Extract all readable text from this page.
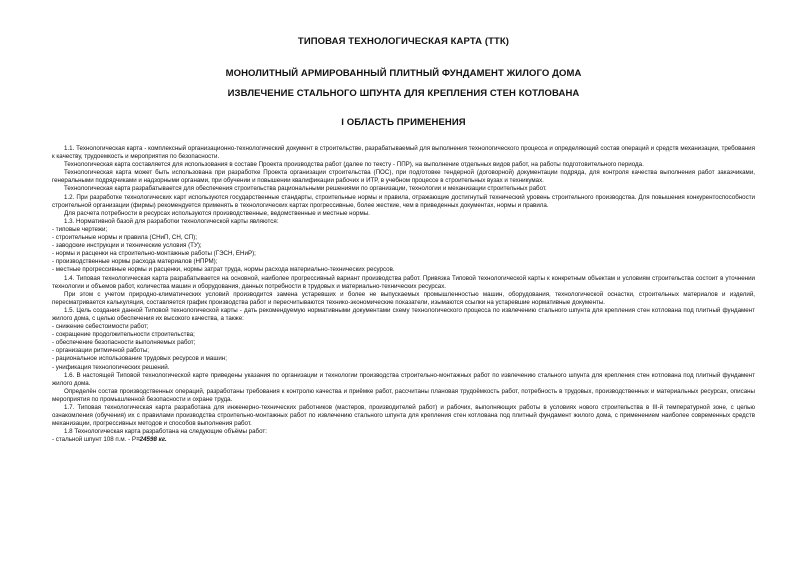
ТИПОВАЯ ТЕХНОЛОГИЧЕСКАЯ КАРТА (ТТК)
МОНОЛИТНЫЙ АРМИРОВАННЫЙ ПЛИТНЫЙ ФУНДАМЕНТ ЖИЛОГО ДОМА
ИЗВЛЕЧЕНИЕ СТАЛЬНОГО ШПУНТА ДЛЯ КРЕПЛЕНИЯ СТЕН КОТЛОВАНА
I ОБЛАСТЬ ПРИМЕНЕНИЯ

1.1. Технологическая карта - комплексный организационно-технологический документ в строительстве, разрабатываемый для выполнения технологического процесса и определяющий состав операций и средств механизации, требования к качеству, трудоемкость и мероприятия по безопасности.

Технологическая карта составляется для использования в составе Проекта производства работ (далее по тексту - ППР), на выполнение отдельных видов работ, на работы подготовительного периода.

Технологическая карта может быть использована при разработке Проекта организации строительства (ПОС), при подготовке тендерной (договорной) документации подряда, для контроля качества выполнения работ заказчиками, генеральными подрядчиками и надзорными органами, при обучении и повышении квалификации рабочих и ИТР, в учебном процессе в строительных вузах и техникумах.

Технологическая карта разрабатывается для обеспечения строительства рациональными решениями по организации, технологии и механизации строительных работ.

1.2. При разработке технологических карт используются государственные стандарты, строительные нормы и правила, отражающие достигнутый технический уровень строительного производства. Для повышения конкурентоспособности строительной организации (фирмы) рекомендуется применять в технологических картах прогрессивные, более жесткие, чем в приведенных документах, нормы и правила.

Для расчета потребности в ресурсах используются производственные, ведомственные и местные нормы.

1.3. Нормативной базой для разработки технологической карты являются:

- типовые чертежи;

- строительные нормы и правила (СНиП, СН, СП);

- заводские инструкции и технические условия (ТУ);

- нормы и расценки на строительно-монтажные работы (ГЭСН, ЕНиР);

- производственные нормы расхода материалов (НПРМ);

- местные прогрессивные нормы и расценки, нормы затрат труда, нормы расхода материально-технических ресурсов.

1.4. Типовая технологическая карта разрабатывается на основной, наиболее прогрессивный вариант производства работ. Привязка Типовой технологической карты к конкретным объектам и условиям строительства состоит в уточнении технологии и объемов работ, количества машин и оборудования, данных потребности в трудовых и материально-технических ресурсах.

При этом с учетом природно-климатических условий производится замена устаревших и более не выпускаемых промышленностью машин, оборудования, технологической оснастки, строительных материалов и изделий, пересматривается калькуляция, составляется график производства работ и пересчитываются технико-экономические показатели, изымаются ссылки на устаревшие нормативные документы.

1.5. Цель создания данной Типовой технологической карты - дать рекомендуемую нормативными документами схему технологического процесса по извлечению стального шпунта для крепления стен котлована под плитный фундамент жилого дома, с целью обеспечения их высокого качества, а также:

- снижение себестоимости работ;

- сокращение продолжительности строительства;

- обеспечение безопасности выполняемых работ;

- организации ритмичной работы;

- рациональное использование трудовых ресурсов и машин;

- унификация технологических решений.

1.6. В настоящей Типовой технологической карте приведены указания по организации и технологии производства строительно-монтажных работ по извлечению стального шпунта для крепления стен котлована под плитный фундамент жилого дома.

Определён состав производственных операций, разработаны требования к контролю качества и приёмке работ, рассчитаны плановая трудоёмкость работ, потребность в трудовых, производственных и материальных ресурсах, описаны мероприятия по промышленной безопасности и охране труда.

1.7. Типовая технологическая карта разработана для инженерно-технических работников (мастеров, производителей работ) и рабочих, выполняющих работы в условиях нового строительства в III-й температурной зоне, с целью ознакомления (обучения) их с правилами производства строительно-монтажных работ по извлечению стального шпунта для крепления стен котлована под плитный фундамент жилого дома, с применением наиболее современных средств механизации, прогрессивных методов и способов выполнения работ.

1.8 Технологическая карта разработана на следующие объёмы работ:

- стальной шпунт 108 п.м. - P=24598 кг.
